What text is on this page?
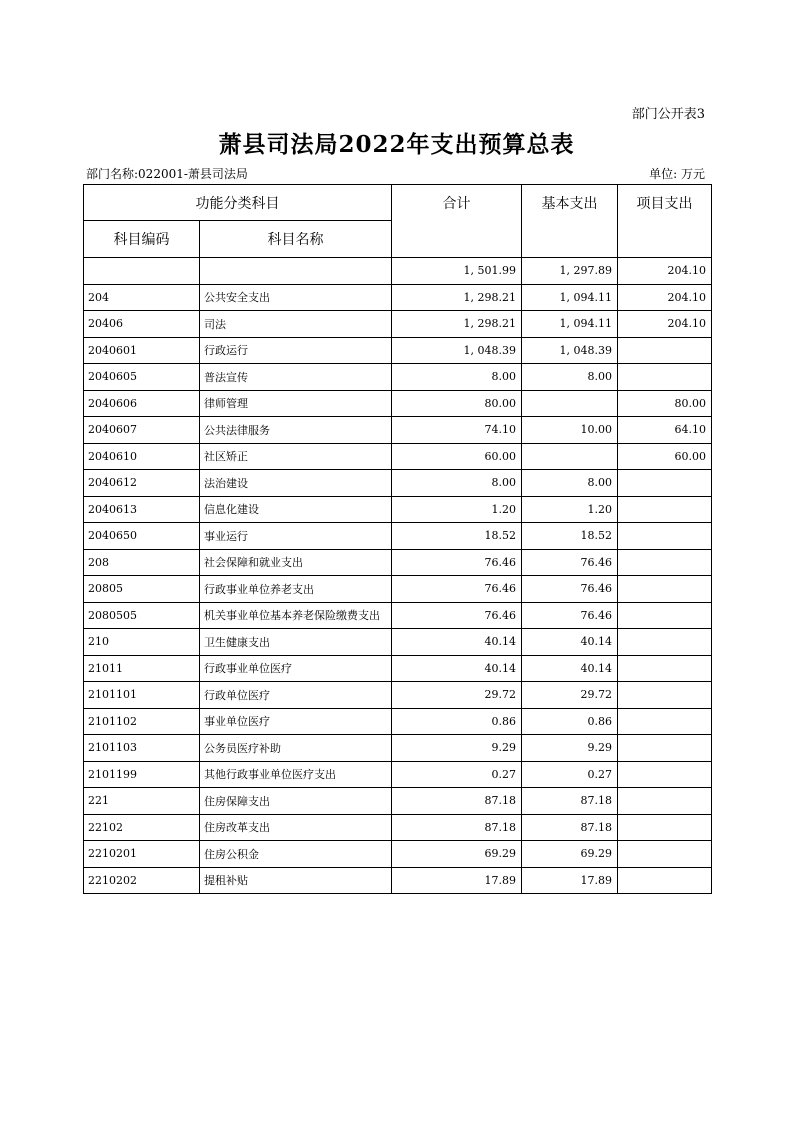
部门公开表3
萧县司法局2022年支出预算总表
部门名称:022001-萧县司法局	单位: 万元
功能分类科目		合计	基本支出	项目支出
科目编码	科目名称			
		1, 501.99	1, 297.89	204.10
204	公共安全支出	1, 298.21	1, 094.11	204.10
20406	司法	1, 298.21	1, 094.11	204.10
2040601	行政运行	1, 048.39	1, 048.39	
2040605	普法宣传	8.00	8.00	
2040606	律师管理	80.00		80.00
2040607	公共法律服务	74.10	10.00	64.10
2040610	社区矫正	60.00		60.00
2040612	法治建设	8.00	8.00	
2040613	信息化建设	1.20	1.20	
2040650	事业运行	18.52	18.52	
208	社会保障和就业支出	76.46	76.46	
20805	行政事业单位养老支出	76.46	76.46	
2080505	机关事业单位基本养老保险缴费支出	76.46	76.46	
210	卫生健康支出	40.14	40.14	
21011	行政事业单位医疗	40.14	40.14	
2101101	行政单位医疗	29.72	29.72	
2101102	事业单位医疗	0.86	0.86	
2101103	公务员医疗补助	9.29	9.29	
2101199	其他行政事业单位医疗支出	0.27	0.27	
221	住房保障支出	87.18	87.18	
22102	住房改革支出	87.18	87.18	
2210201	住房公积金	69.29	69.29	
2210202	提租补贴	17.89	17.89	
